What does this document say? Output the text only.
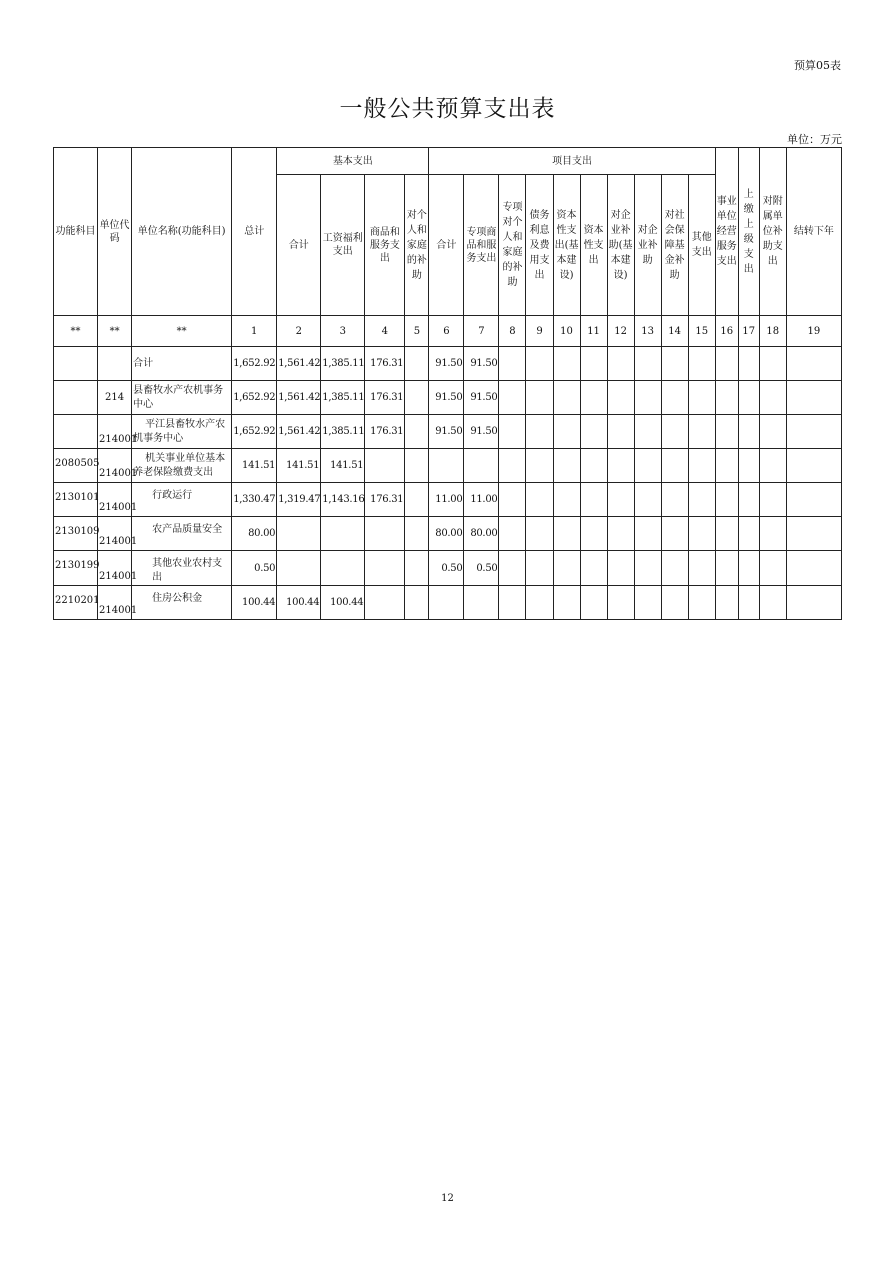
预算05表
一般公共预算支出表
单位：万元
功能科目	单位代码	单位名称(功能科目)	总计	基本支出				项目支出										事业单位经营服务支出	上缴上级支出	对附属单位补助支出	结转下年
				合计	工资福利支出	商品和服务支出	对个人和家庭的补助	合计	专项商品和服务支出	专项对个人和家庭的补助	债务利息及费用支出	资本性支出(基本建设)	资本性支出	对企业补助(基本建设)	对企业补助	对社会保障基金补助	其他支出				
**	**	**	1	2	3	4	5	6	7	8	9	10	11	12	13	14	15	16	17	18	19
		合计	1,652.92	1,561.42	1,385.11	176.31		91.50	91.50												
	214	县畜牧水产农机事务中心	1,652.92	1,561.42	1,385.11	176.31		91.50	91.50												
	214001	平江县畜牧水产农机事务中心	1,652.92	1,561.42	1,385.11	176.31		91.50	91.50												
2080505	214001	机关事业单位基本养老保险缴费支出	141.51	141.51	141.51																
2130101	214001	行政运行	1,330.47	1,319.47	1,143.16	176.31		11.00	11.00												
2130109	214001	农产品质量安全	80.00					80.00	80.00												
2130199	214001	其他农业农村支出	0.50					0.50	0.50												
2210201	214001	住房公积金	100.44	100.44	100.44																
12
